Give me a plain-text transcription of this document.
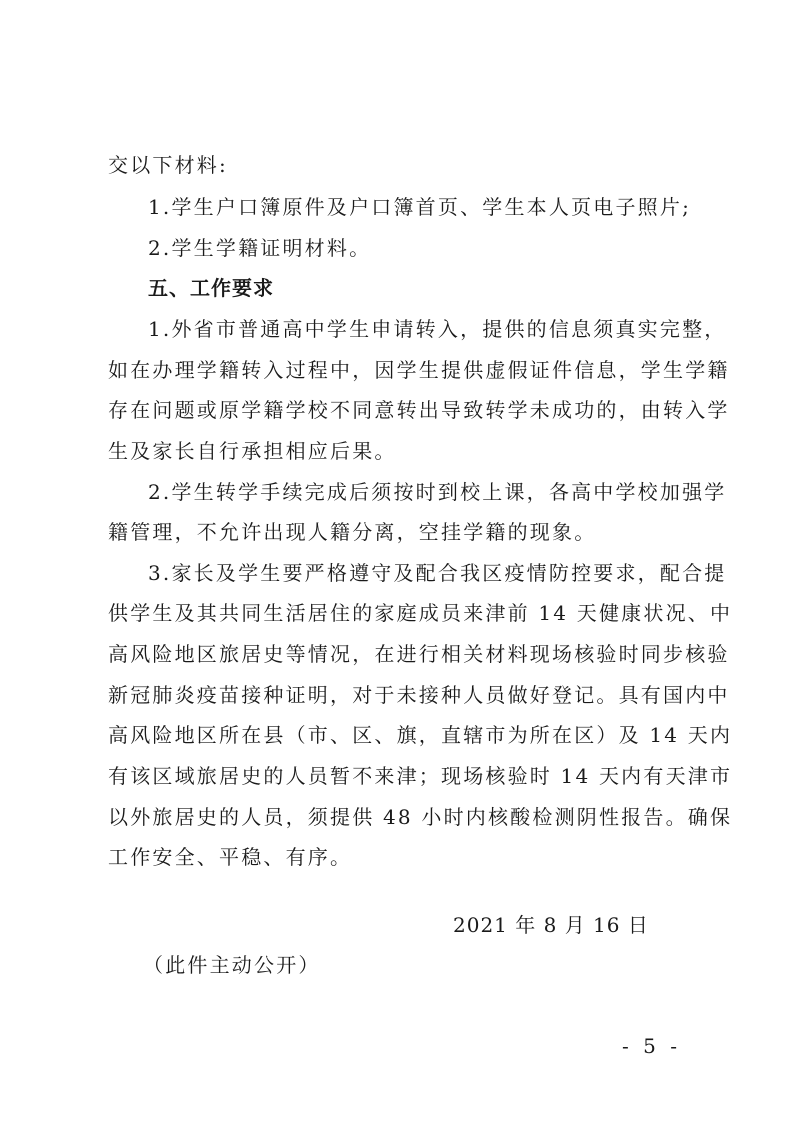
交以下材料:
1.学生户口簿原件及户口簿首页、学生本人页电子照片;
2.学生学籍证明材料。
五、工作要求
1.外省市普通高中学生申请转入，提供的信息须真实完整，
如在办理学籍转入过程中，因学生提供虚假证件信息，学生学籍
存在问题或原学籍学校不同意转出导致转学未成功的，由转入学
生及家长自行承担相应后果。
2.学生转学手续完成后须按时到校上课，各高中学校加强学
籍管理，不允许出现人籍分离，空挂学籍的现象。
3.家长及学生要严格遵守及配合我区疫情防控要求，配合提
供学生及其共同生活居住的家庭成员来津前 14 天健康状况、中
高风险地区旅居史等情况，在进行相关材料现场核验时同步核验
新冠肺炎疫苗接种证明，对于未接种人员做好登记。具有国内中
高风险地区所在县（市、区、旗，直辖市为所在区）及 14 天内
有该区域旅居史的人员暂不来津；现场核验时 14 天内有天津市
以外旅居史的人员，须提供 48 小时内核酸检测阴性报告。确保
工作安全、平稳、有序。
2021 年 8 月 16 日
（此件主动公开）
- 5 -
